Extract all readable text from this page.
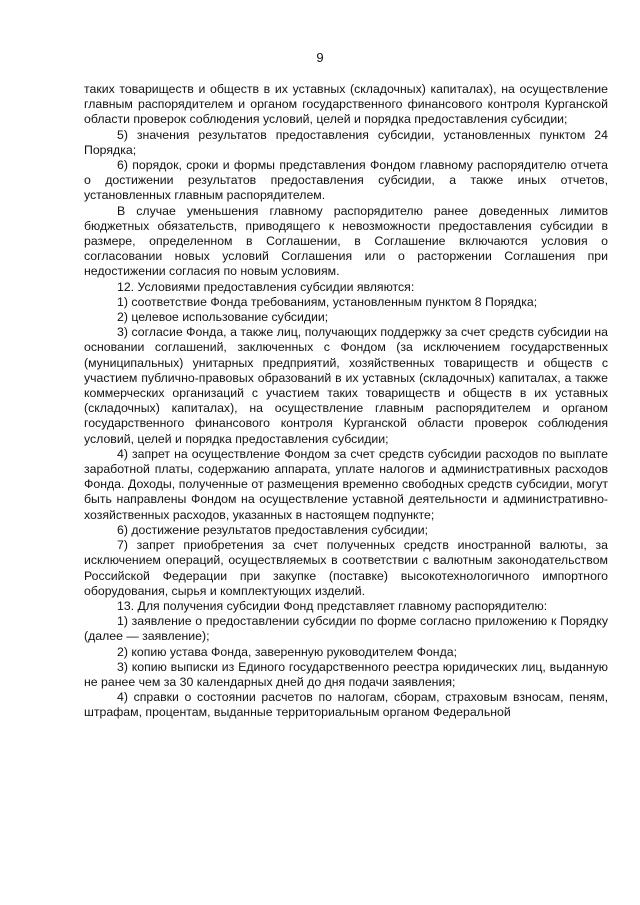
9

таких товариществ и обществ в их уставных (складочных) капиталах), на осуществление главным распорядителем и органом государственного финансового контроля Курганской области проверок соблюдения условий, целей и порядка предоставления субсидии;

5) значения результатов предоставления субсидии, установленных пунктом 24 Порядка;

6) порядок, сроки и формы представления Фондом главному распорядителю отчета о достижении результатов предоставления субсидии, а также иных отчетов, установленных главным распорядителем.

В случае уменьшения главному распорядителю ранее доведенных лимитов бюджетных обязательств, приводящего к невозможности предоставления субсидии в размере, определенном в Соглашении, в Соглашение включаются условия о согласовании новых условий Соглашения или о расторжении Соглашения при недостижении согласия по новым условиям.

12. Условиями предоставления субсидии являются:

1) соответствие Фонда требованиям, установленным пунктом 8 Порядка;

2) целевое использование субсидии;

3) согласие Фонда, а также лиц, получающих поддержку за счет средств субсидии на основании соглашений, заключенных с Фондом (за исключением государственных (муниципальных) унитарных предприятий, хозяйственных товариществ и обществ с участием публично-правовых образований в их уставных (складочных) капиталах, а также коммерческих организаций с участием таких товариществ и обществ в их уставных (складочных) капиталах), на осуществление главным распорядителем и органом государственного финансового контроля Курганской области проверок соблюдения условий, целей и порядка предоставления субсидии;

4) запрет на осуществление Фондом за счет средств субсидии расходов по выплате заработной платы, содержанию аппарата, уплате налогов и административных расходов Фонда. Доходы, полученные от размещения временно свободных средств субсидии, могут быть направлены Фондом на осуществление уставной деятельности и административно-хозяйственных расходов, указанных в настоящем подпункте;

6) достижение результатов предоставления субсидии;

7) запрет приобретения за счет полученных средств иностранной валюты, за исключением операций, осуществляемых в соответствии с валютным законодательством Российской Федерации при закупке (поставке) высокотехнологичного импортного оборудования, сырья и комплектующих изделий.

13. Для получения субсидии Фонд представляет главному распорядителю:

1) заявление о предоставлении субсидии по форме согласно приложению к Порядку (далее — заявление);

2) копию устава Фонда, заверенную руководителем Фонда;

3) копию выписки из Единого государственного реестра юридических лиц, выданную не ранее чем за 30 календарных дней до дня подачи заявления;

4) справки о состоянии расчетов по налогам, сборам, страховым взносам, пеням, штрафам, процентам, выданные территориальным органом Федеральной
